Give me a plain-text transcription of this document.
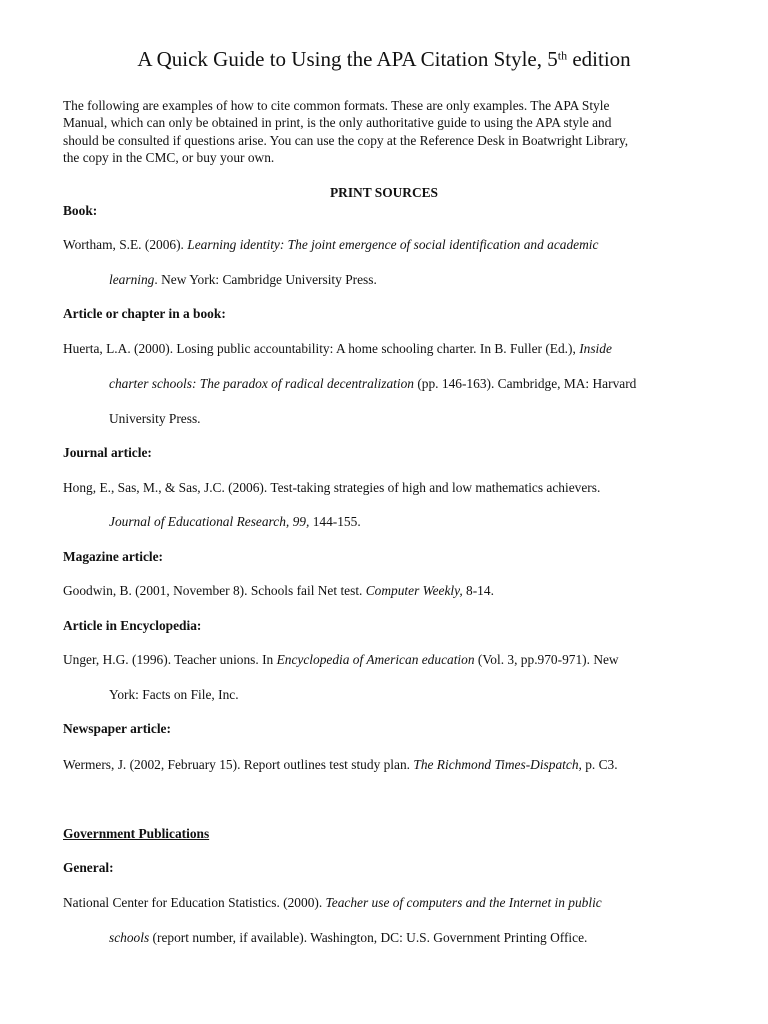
A Quick Guide to Using the APA Citation Style, 5th edition
The following are examples of how to cite common formats. These are only examples. The APA Style
Manual, which can only be obtained in print, is the only authoritative guide to using the APA style and
should be consulted if questions arise. You can use the copy at the Reference Desk in Boatwright Library,
the copy in the CMC, or buy your own.
PRINT SOURCES
Book:
Wortham, S.E. (2006). Learning identity: The joint emergence of social identification and academic
learning. New York: Cambridge University Press.
Article or chapter in a book:
Huerta, L.A. (2000). Losing public accountability: A home schooling charter. In B. Fuller (Ed.), Inside
charter schools: The paradox of radical decentralization (pp. 146-163). Cambridge, MA: Harvard
University Press.
Journal article:
Hong, E., Sas, M., & Sas, J.C. (2006). Test-taking strategies of high and low mathematics achievers.
Journal of Educational Research, 99, 144-155.
Magazine article:
Goodwin, B. (2001, November 8). Schools fail Net test. Computer Weekly, 8-14.
Article in Encyclopedia:
Unger, H.G. (1996). Teacher unions. In Encyclopedia of American education (Vol. 3, pp.970-971). New
York: Facts on File, Inc.
Newspaper article:
Wermers, J. (2002, February 15). Report outlines test study plan. The Richmond Times-Dispatch, p. C3.
Government Publications
General:
National Center for Education Statistics. (2000). Teacher use of computers and the Internet in public
schools (report number, if available). Washington, DC: U.S. Government Printing Office.
